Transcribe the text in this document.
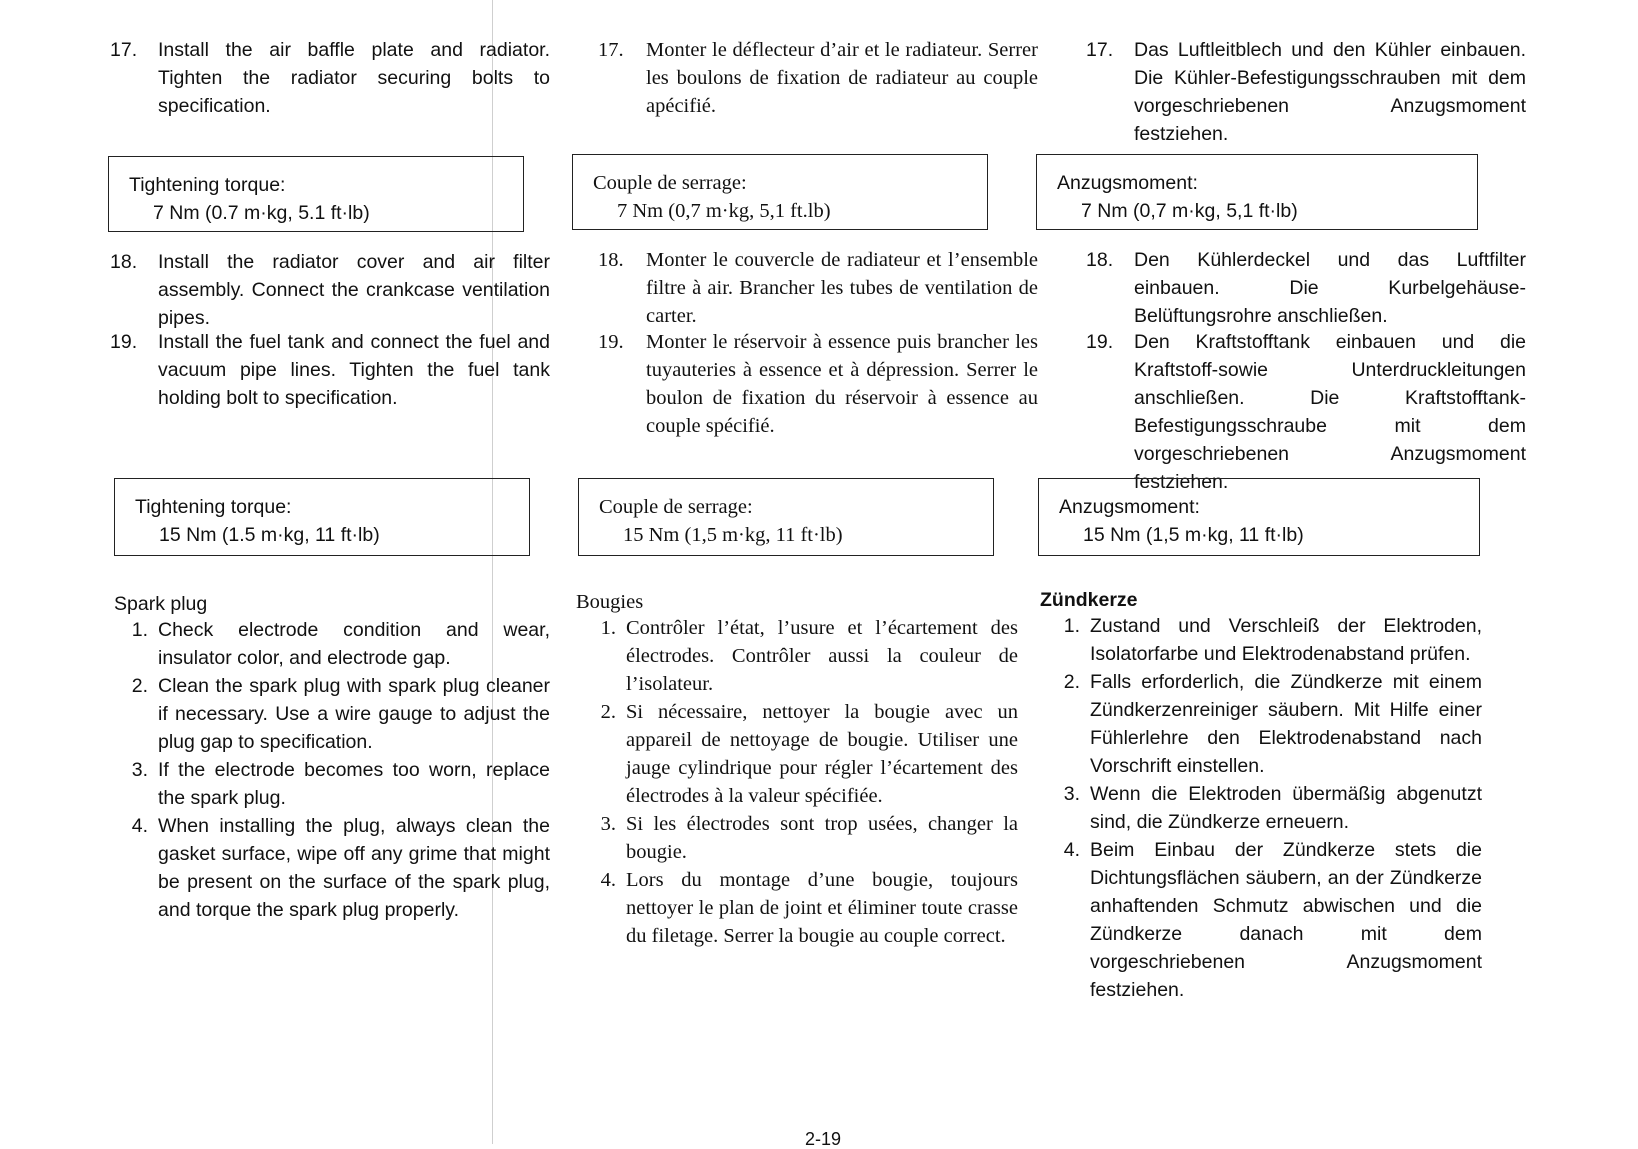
17.	Install the air baffle plate and radiator. Tighten the radiator securing bolts to specification.
Tightening torque:
7 Nm (0.7 m·kg, 5.1 ft·lb)
18.	Install the radiator cover and air filter assembly. Connect the crankcase ventilation pipes.
19.	Install the fuel tank and connect the fuel and vacuum pipe lines. Tighten the fuel tank holding bolt to specification.
Tightening torque:
15 Nm (1.5 m·kg, 11 ft·lb)
Spark plug
1. Check electrode condition and wear, insulator color, and electrode gap.
2. Clean the spark plug with spark plug cleaner if necessary. Use a wire gauge to adjust the plug gap to specification.
3. If the electrode becomes too worn, replace the spark plug.
4. When installing the plug, always clean the gasket surface, wipe off any grime that might be present on the surface of the spark plug, and torque the spark plug properly.
17.	Monter le déflecteur d’air et le radiateur. Serrer les boulons de fixation de radiateur au couple apécifié.
Couple de serrage:
7 Nm (0,7 m·kg, 5,1 ft.lb)
18.	Monter le couvercle de radiateur et l’ensemble filtre à air. Brancher les tubes de ventilation de carter.
19.	Monter le réservoir à essence puis brancher les tuyauteries à essence et à dépression. Serrer le boulon de fixation du réservoir à essence au couple spécifié.
Couple de serrage:
15 Nm (1,5 m·kg, 11 ft·lb)
Bougies
1. Contrôler l’état, l’usure et l’écartement des électrodes. Contrôler aussi la couleur de l’isolateur.
2. Si nécessaire, nettoyer la bougie avec un appareil de nettoyage de bougie. Utiliser une jauge cylindrique pour régler l’écartement des électrodes à la valeur spécifiée.
3. Si les électrodes sont trop usées, changer la bougie.
4. Lors du montage d’une bougie, toujours nettoyer le plan de joint et éliminer toute crasse du filetage. Serrer la bougie au couple correct.
17.	Das Luftleitblech und den Kühler einbauen. Die Kühler-Befestigungsschrauben mit dem vorgeschriebenen Anzugsmoment festziehen.
Anzugsmoment:
7 Nm (0,7 m·kg, 5,1 ft·lb)
18.	Den Kühlerdeckel und das Luftfilter einbauen. Die Kurbelgehäuse-Belüftungsrohre anschließen.
19.	Den Kraftstofftank einbauen und die Kraftstoff-sowie Unterdruckleitungen anschließen. Die Kraftstofftank-Befestigungsschraube mit dem vorgeschriebenen Anzugsmoment festziehen.
Anzugsmoment:
15 Nm (1,5 m·kg, 11 ft·lb)
Zündkerze
1. Zustand und Verschleiß der Elektroden, Isolatorfarbe und Elektrodenabstand prüfen.
2. Falls erforderlich, die Zündkerze mit einem Zündkerzenreiniger säubern. Mit Hilfe einer Fühlerlehre den Elektrodenabstand nach Vorschrift einstellen.
3. Wenn die Elektroden übermäßig abgenutzt sind, die Zündkerze erneuern.
4. Beim Einbau der Zündkerze stets die Dichtungsflächen säubern, an der Zündkerze anhaftenden Schmutz abwischen und die Zündkerze danach mit dem vorgeschriebenen Anzugsmoment festziehen.
2-19
